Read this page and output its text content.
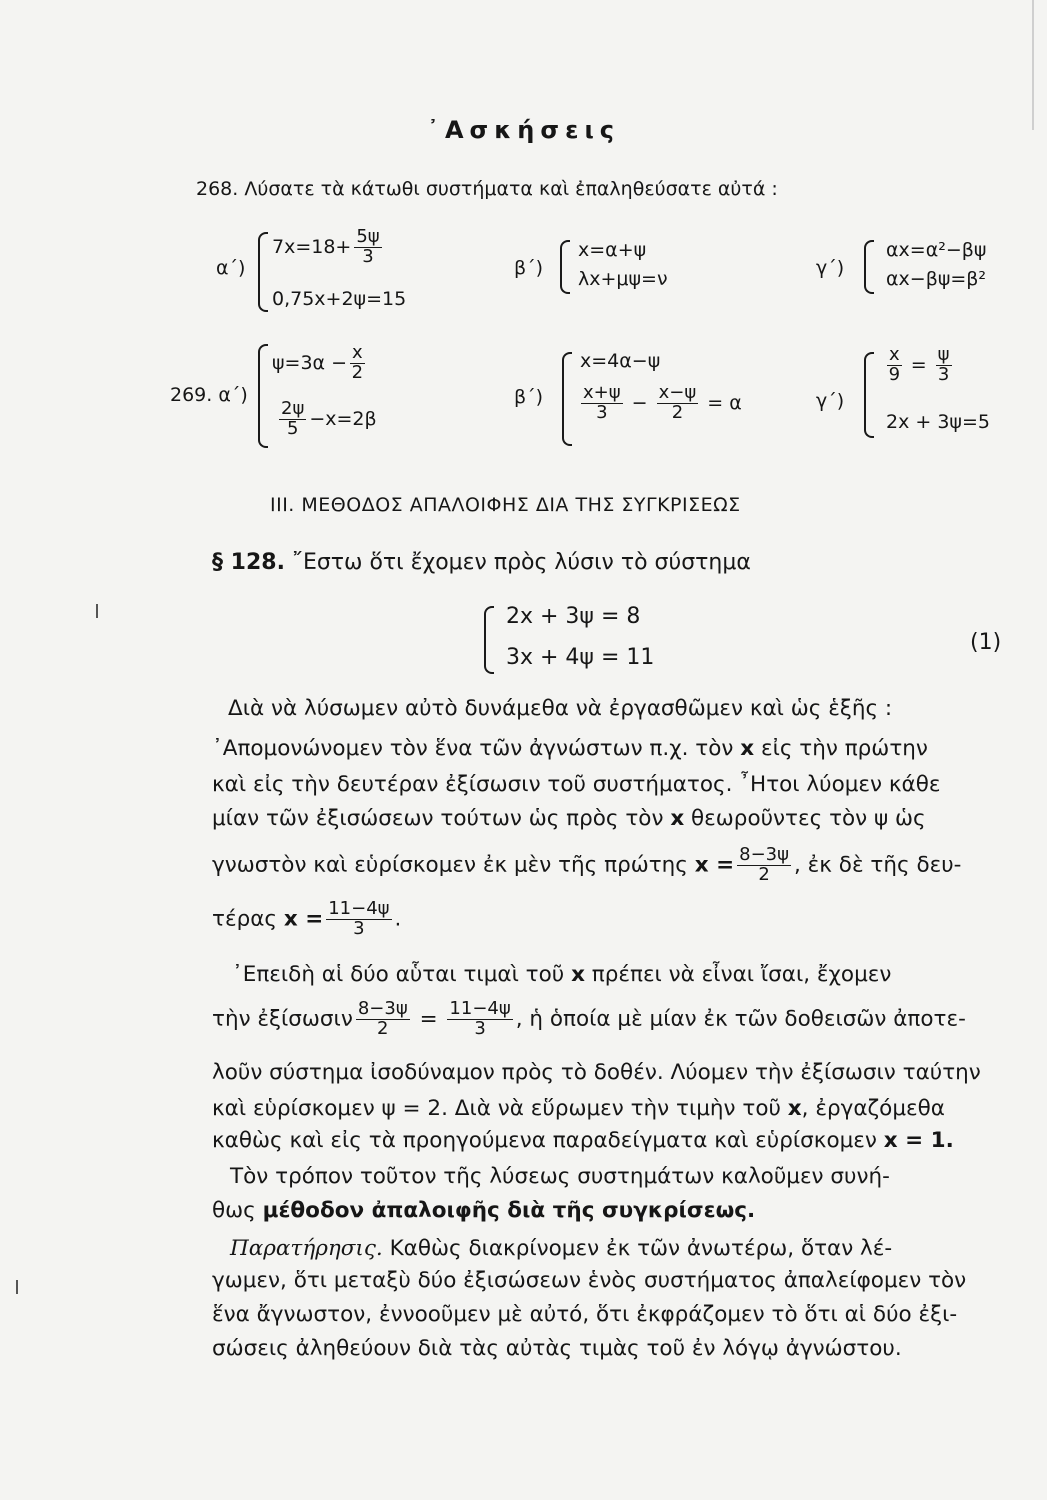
᾿Ασκήσεις
268. Λύσατε τὰ κάτωθι συστήματα καὶ ἐπαληθεύσατε αὐτά :
α΄)
$7x=18+ \frac{5\psi}{3}$
0,75x+2ψ=15
β΄)
x=α+ψ
λx+μψ=ν	γ΄)
αx=α²−βψ
αx−βψ=β²
269. α΄)
$\psi=3\alpha - \frac{x}{2}$
$\frac{2\psi}{5} -x=2\beta$
β΄)
x=4α−ψ
$\frac{x+\psi}{3} - \frac{x-\psi}{2} = \alpha$	γ΄)
$\frac{x}{9} = \frac{\psi}{3}$
2x + 3ψ=5
ΙΙΙ. ΜΕΘΟΔΟΣ ΑΠΑΛΟΙΦΗΣ ΔΙΑ ΤΗΣ ΣΥΓΚΡΙΣΕΩΣ
§ 128. ῎Εστω ὅτι ἔχομεν πρὸς λύσιν τὸ σύστημα
2x + 3ψ = 8
3x + 4ψ = 11
(1)
Διὰ νὰ λύσωμεν αὐτὸ δυνάμεθα νὰ ἐργασθῶμεν καὶ ὡς ἑξῆς :
᾿Απομονώνομεν τὸν ἕνα τῶν ἀγνώστων π.χ. τὸν x εἰς τὴν πρώτην
καὶ εἰς τὴν δευτέραν ἐξίσωσιν τοῦ συστήματος. ῏Ητοι λύομεν κάθε
μίαν τῶν ἐξισώσεων τούτων ὡς πρὸς τὸν x θεωροῦντες τὸν ψ ὡς
γνωστὸν καὶ εὑρίσκομεν ἐκ μὲν τῆς πρώτης $x = \frac{8-3\psi}{2}$ , ἐκ δὲ τῆς δευ-
τέρας $x = \frac{11-4\psi}{3}$ .
᾿Επειδὴ αἱ δύο αὗται τιμαὶ τοῦ x πρέπει νὰ εἶναι ἴσαι, ἔχομεν
τὴν ἐξίσωσιν $\frac{8-3\psi}{2} = \frac{11-4\psi}{3}$ , ἡ ὁποία μὲ μίαν ἐκ τῶν δοθεισῶν ἀποτε-
λοῦν σύστημα ἰσοδύναμον πρὸς τὸ δοθέν. Λύομεν τὴν ἐξίσωσιν ταύτην
καὶ εὑρίσκομεν ψ = 2. Διὰ νὰ εὕρωμεν τὴν τιμὴν τοῦ x, ἐργαζόμεθα
καθὼς καὶ εἰς τὰ προηγούμενα παραδείγματα καὶ εὑρίσκομεν x = 1.
Τὸν τρόπον τοῦτον τῆς λύσεως συστημάτων καλοῦμεν συνή-
θως μέθοδον ἀπαλοιφῆς διὰ τῆς συγκρίσεως.
Παρατήρησις. Καθὼς διακρίνομεν ἐκ τῶν ἀνωτέρω, ὅταν λέ-
γωμεν, ὅτι μεταξὺ δύο ἐξισώσεων ἑνὸς συστήματος ἀπαλείφομεν τὸν
ἕνα ἄγνωστον, ἐννοοῦμεν μὲ αὐτό, ὅτι ἐκφράζομεν τὸ ὅτι αἱ δύο ἐξι-
σώσεις ἀληθεύουν διὰ τὰς αὐτὰς τιμὰς τοῦ ἐν λόγῳ ἀγνώστου.
